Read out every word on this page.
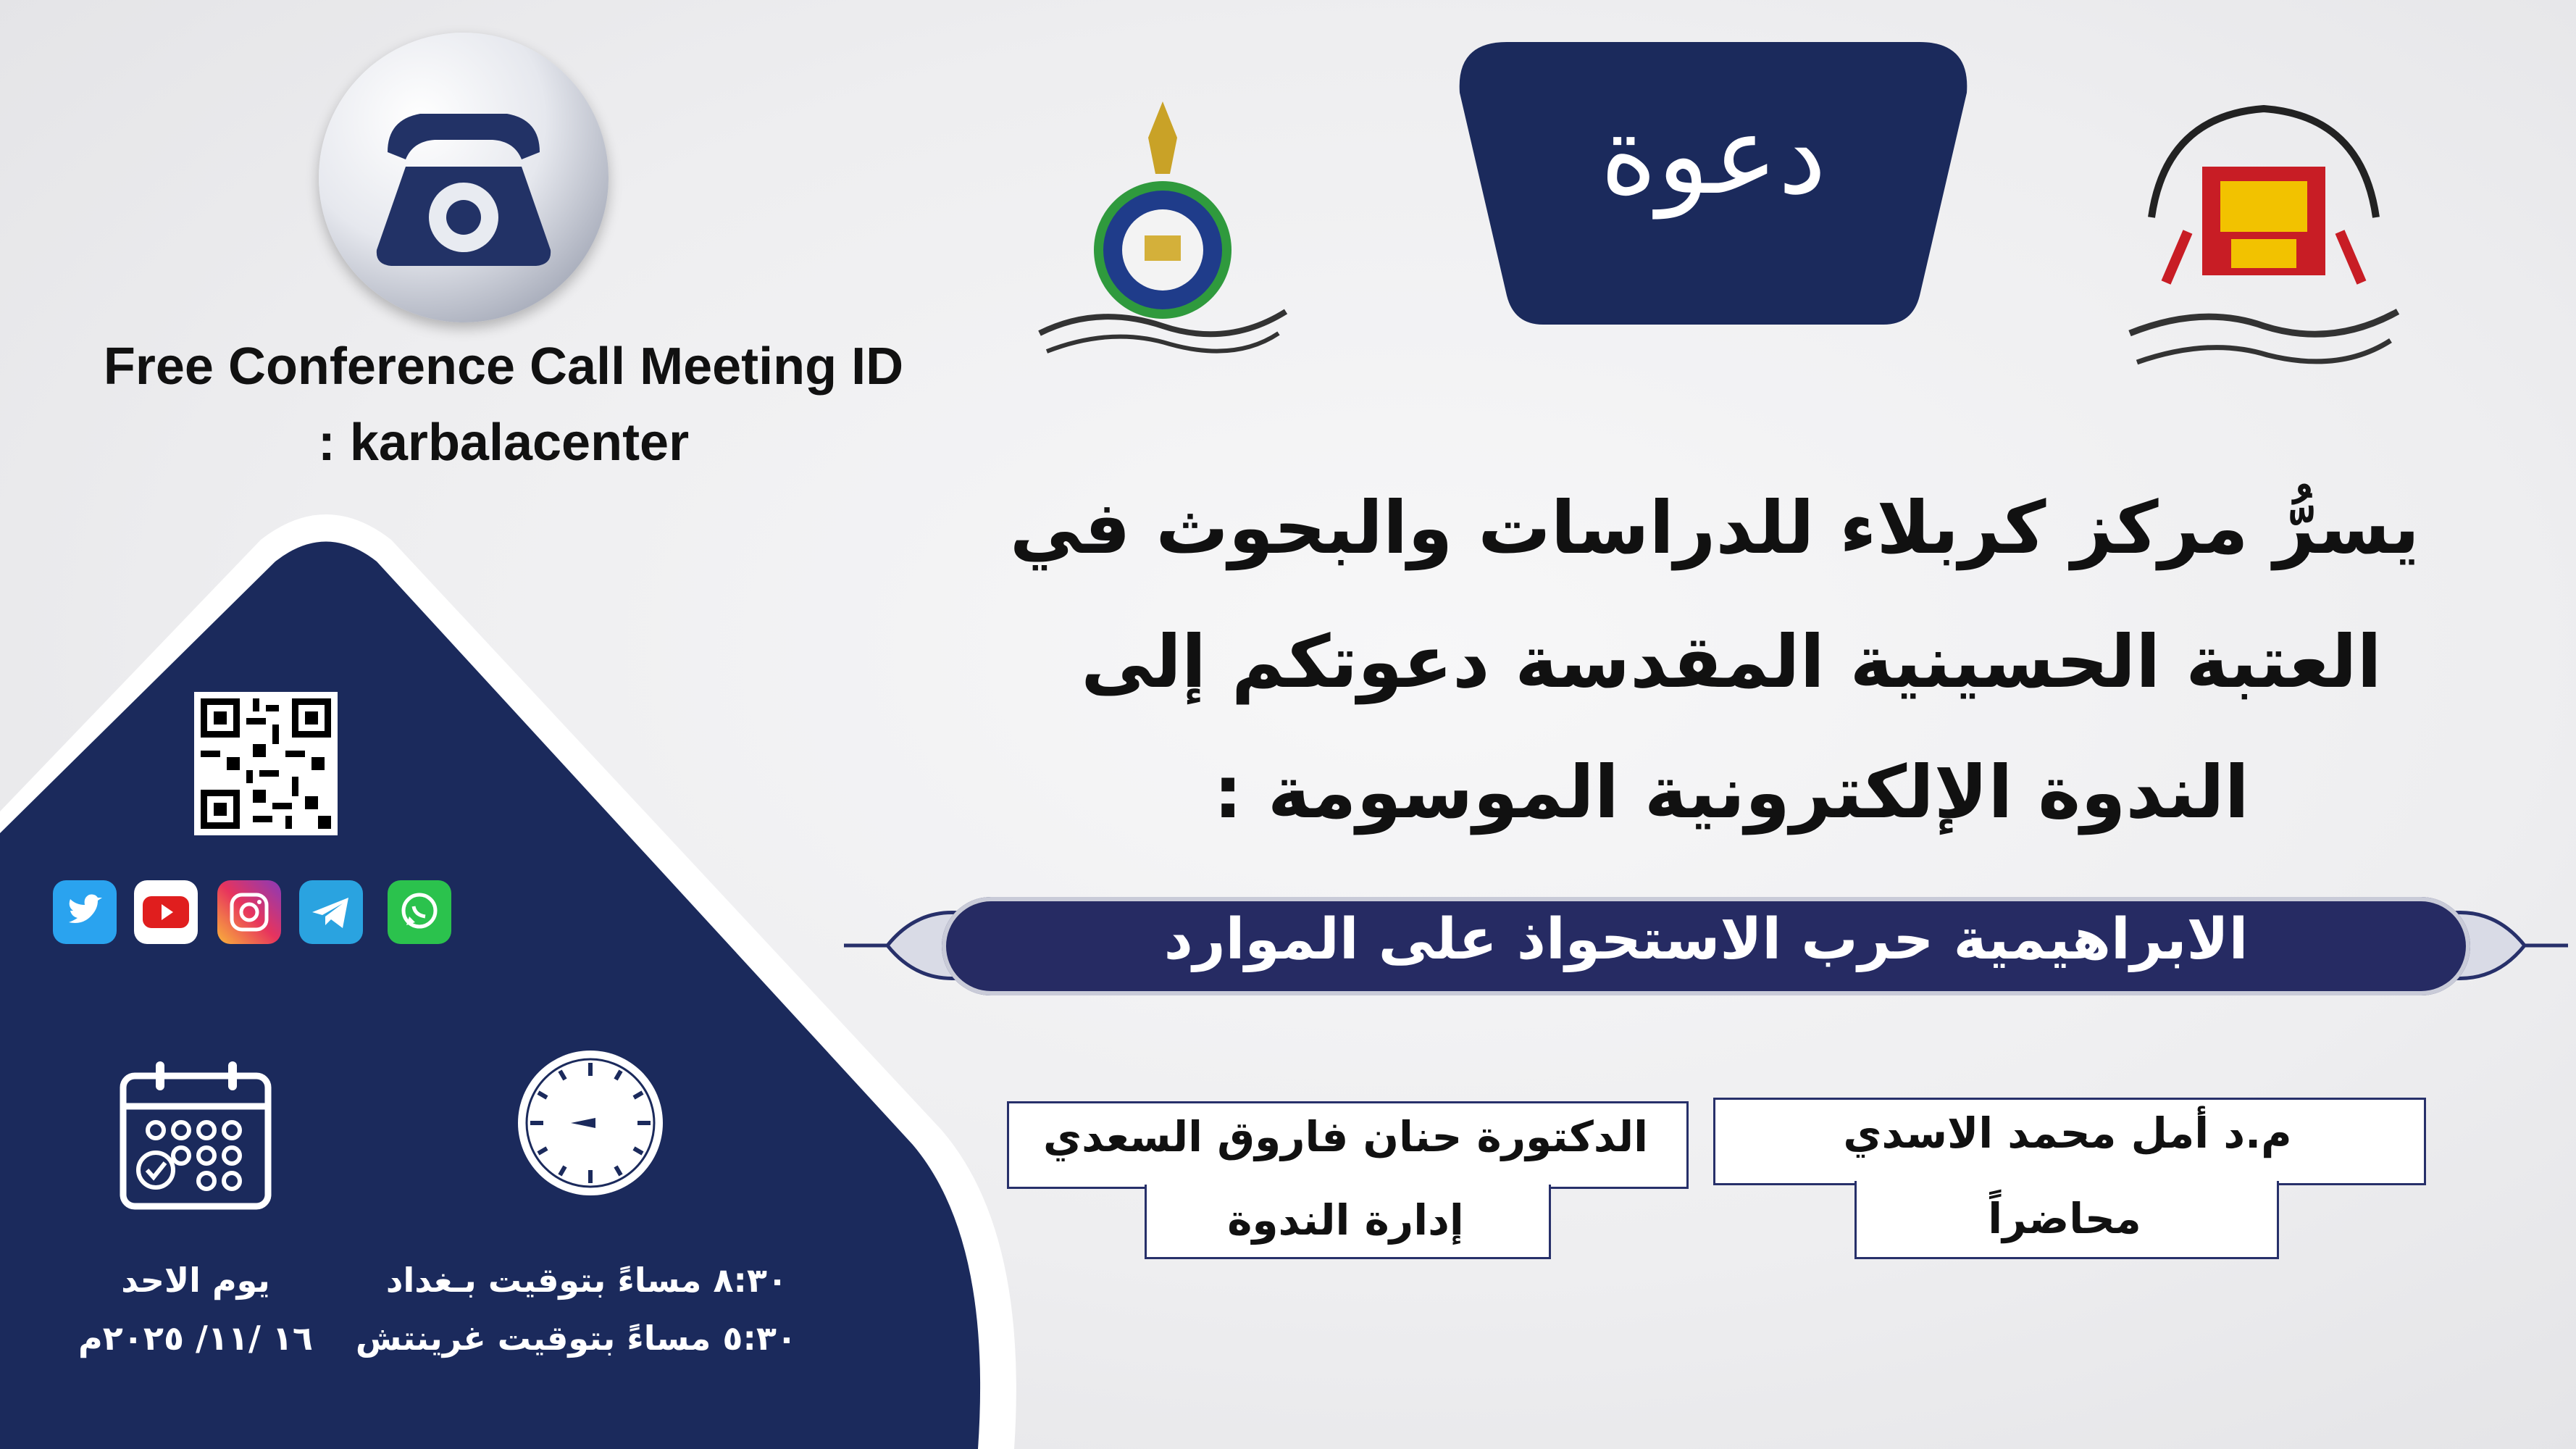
Free Conference Call Meeting ID
: karbalacenter
دعوة
يسرُّ مركز كربلاء للدراسات والبحوث في
العتبة الحسينية المقدسة دعوتكم إلى
الندوة الإلكترونية الموسومة :
الابراهيمية حرب الاستحواذ على الموارد
م.د أمل محمد الاسدي
محاضراً
الدكتورة حنان فاروق السعدي
إدارة الندوة
يوم الاحد
١٦ /١١/ ٢٠٢٥م
٨:٣٠ مساءً بتوقيت بـغداد
٥:٣٠ مساءً بتوقيت غرينتش
